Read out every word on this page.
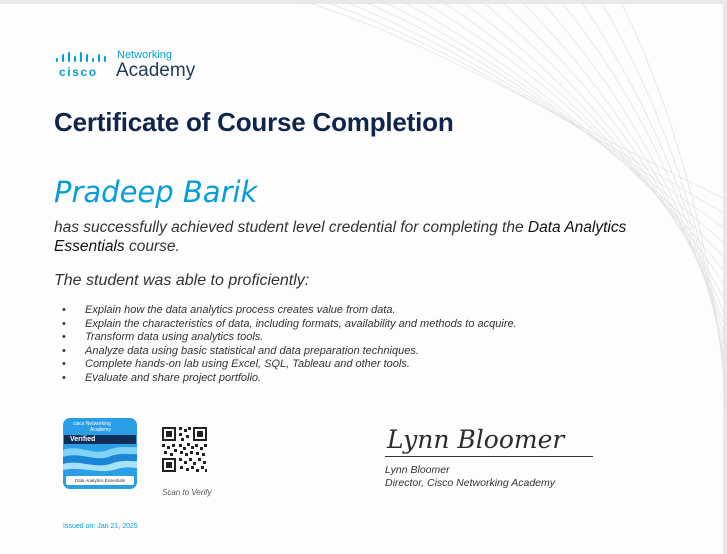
cisco
Networking
Academy
Certificate of Course Completion
Pradeep Barik
has successfully achieved student level credential for completing the Data Analytics Essentials course.
The student was able to proficiently:
• Explain how the data analytics process creates value from data.
• Explain the characteristics of data, including formats, availability and methods to acquire.
• Transform data using analytics tools.
• Analyze data using basic statistical and data preparation techniques.
• Complete hands-on lab using Excel, SQL, Tableau and other tools.
• Evaluate and share project portfolio.
cisco Networking
Academy
Verified
Data Analytics Essentials
Scan to Verify
Lynn Bloomer
Lynn Bloomer
Director, Cisco Networking Academy
Issued on: Jan 21, 2025
